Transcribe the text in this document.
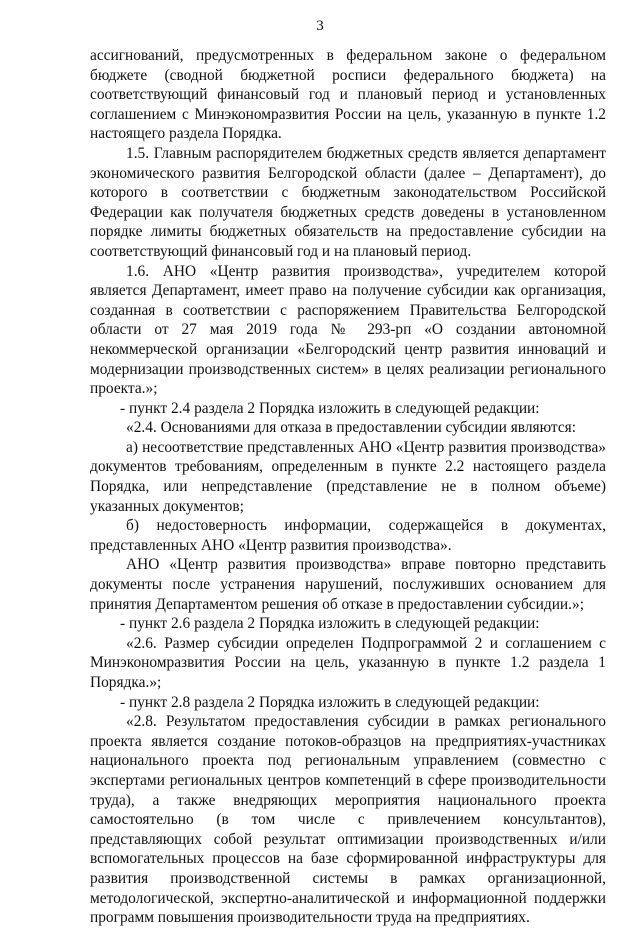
3

ассигнований, предусмотренных в федеральном законе о федеральном бюджете (сводной бюджетной росписи федерального бюджета) на соответствующий финансовый год и плановый период и установленных соглашением с Минэкономразвития России на цель, указанную в пункте 1.2 настоящего раздела Порядка.

1.5. Главным распорядителем бюджетных средств является департамент экономического развития Белгородской области (далее – Департамент), до которого в соответствии с бюджетным законодательством Российской Федерации как получателя бюджетных средств доведены в установленном порядке лимиты бюджетных обязательств на предоставление субсидии на соответствующий финансовый год и на плановый период.

1.6. АНО «Центр развития производства», учредителем которой является Департамент, имеет право на получение субсидии как организация, созданная в соответствии с распоряжением Правительства Белгородской области от 27 мая 2019 года № 293-рп «О создании автономной некоммерческой организации «Белгородский центр развития инноваций и модернизации производственных систем» в целях реализации регионального проекта.»;

- пункт 2.4 раздела 2 Порядка изложить в следующей редакции:

«2.4. Основаниями для отказа в предоставлении субсидии являются:

а) несоответствие представленных АНО «Центр развития производства» документов требованиям, определенным в пункте 2.2 настоящего раздела Порядка, или непредставление (представление не в полном объеме) указанных документов;

б) недостоверность информации, содержащейся в документах, представленных АНО «Центр развития производства».

АНО «Центр развития производства» вправе повторно представить документы после устранения нарушений, послуживших основанием для принятия Департаментом решения об отказе в предоставлении субсидии.»;

- пункт 2.6 раздела 2 Порядка изложить в следующей редакции:

«2.6. Размер субсидии определен Подпрограммой 2 и соглашением с Минэкономразвития России на цель, указанную в пункте 1.2 раздела 1 Порядка.»;

- пункт 2.8 раздела 2 Порядка изложить в следующей редакции:

«2.8. Результатом предоставления субсидии в рамках регионального проекта является создание потоков-образцов на предприятиях-участниках национального проекта под региональным управлением (совместно с экспертами региональных центров компетенций в сфере производительности труда), а также внедряющих мероприятия национального проекта самостоятельно (в том числе с привлечением консультантов), представляющих собой результат оптимизации производственных и/или вспомогательных процессов на базе сформированной инфраструктуры для развития производственной системы в рамках организационной, методологической, экспертно-аналитической и информационной поддержки программ повышения производительности труда на предприятиях.
